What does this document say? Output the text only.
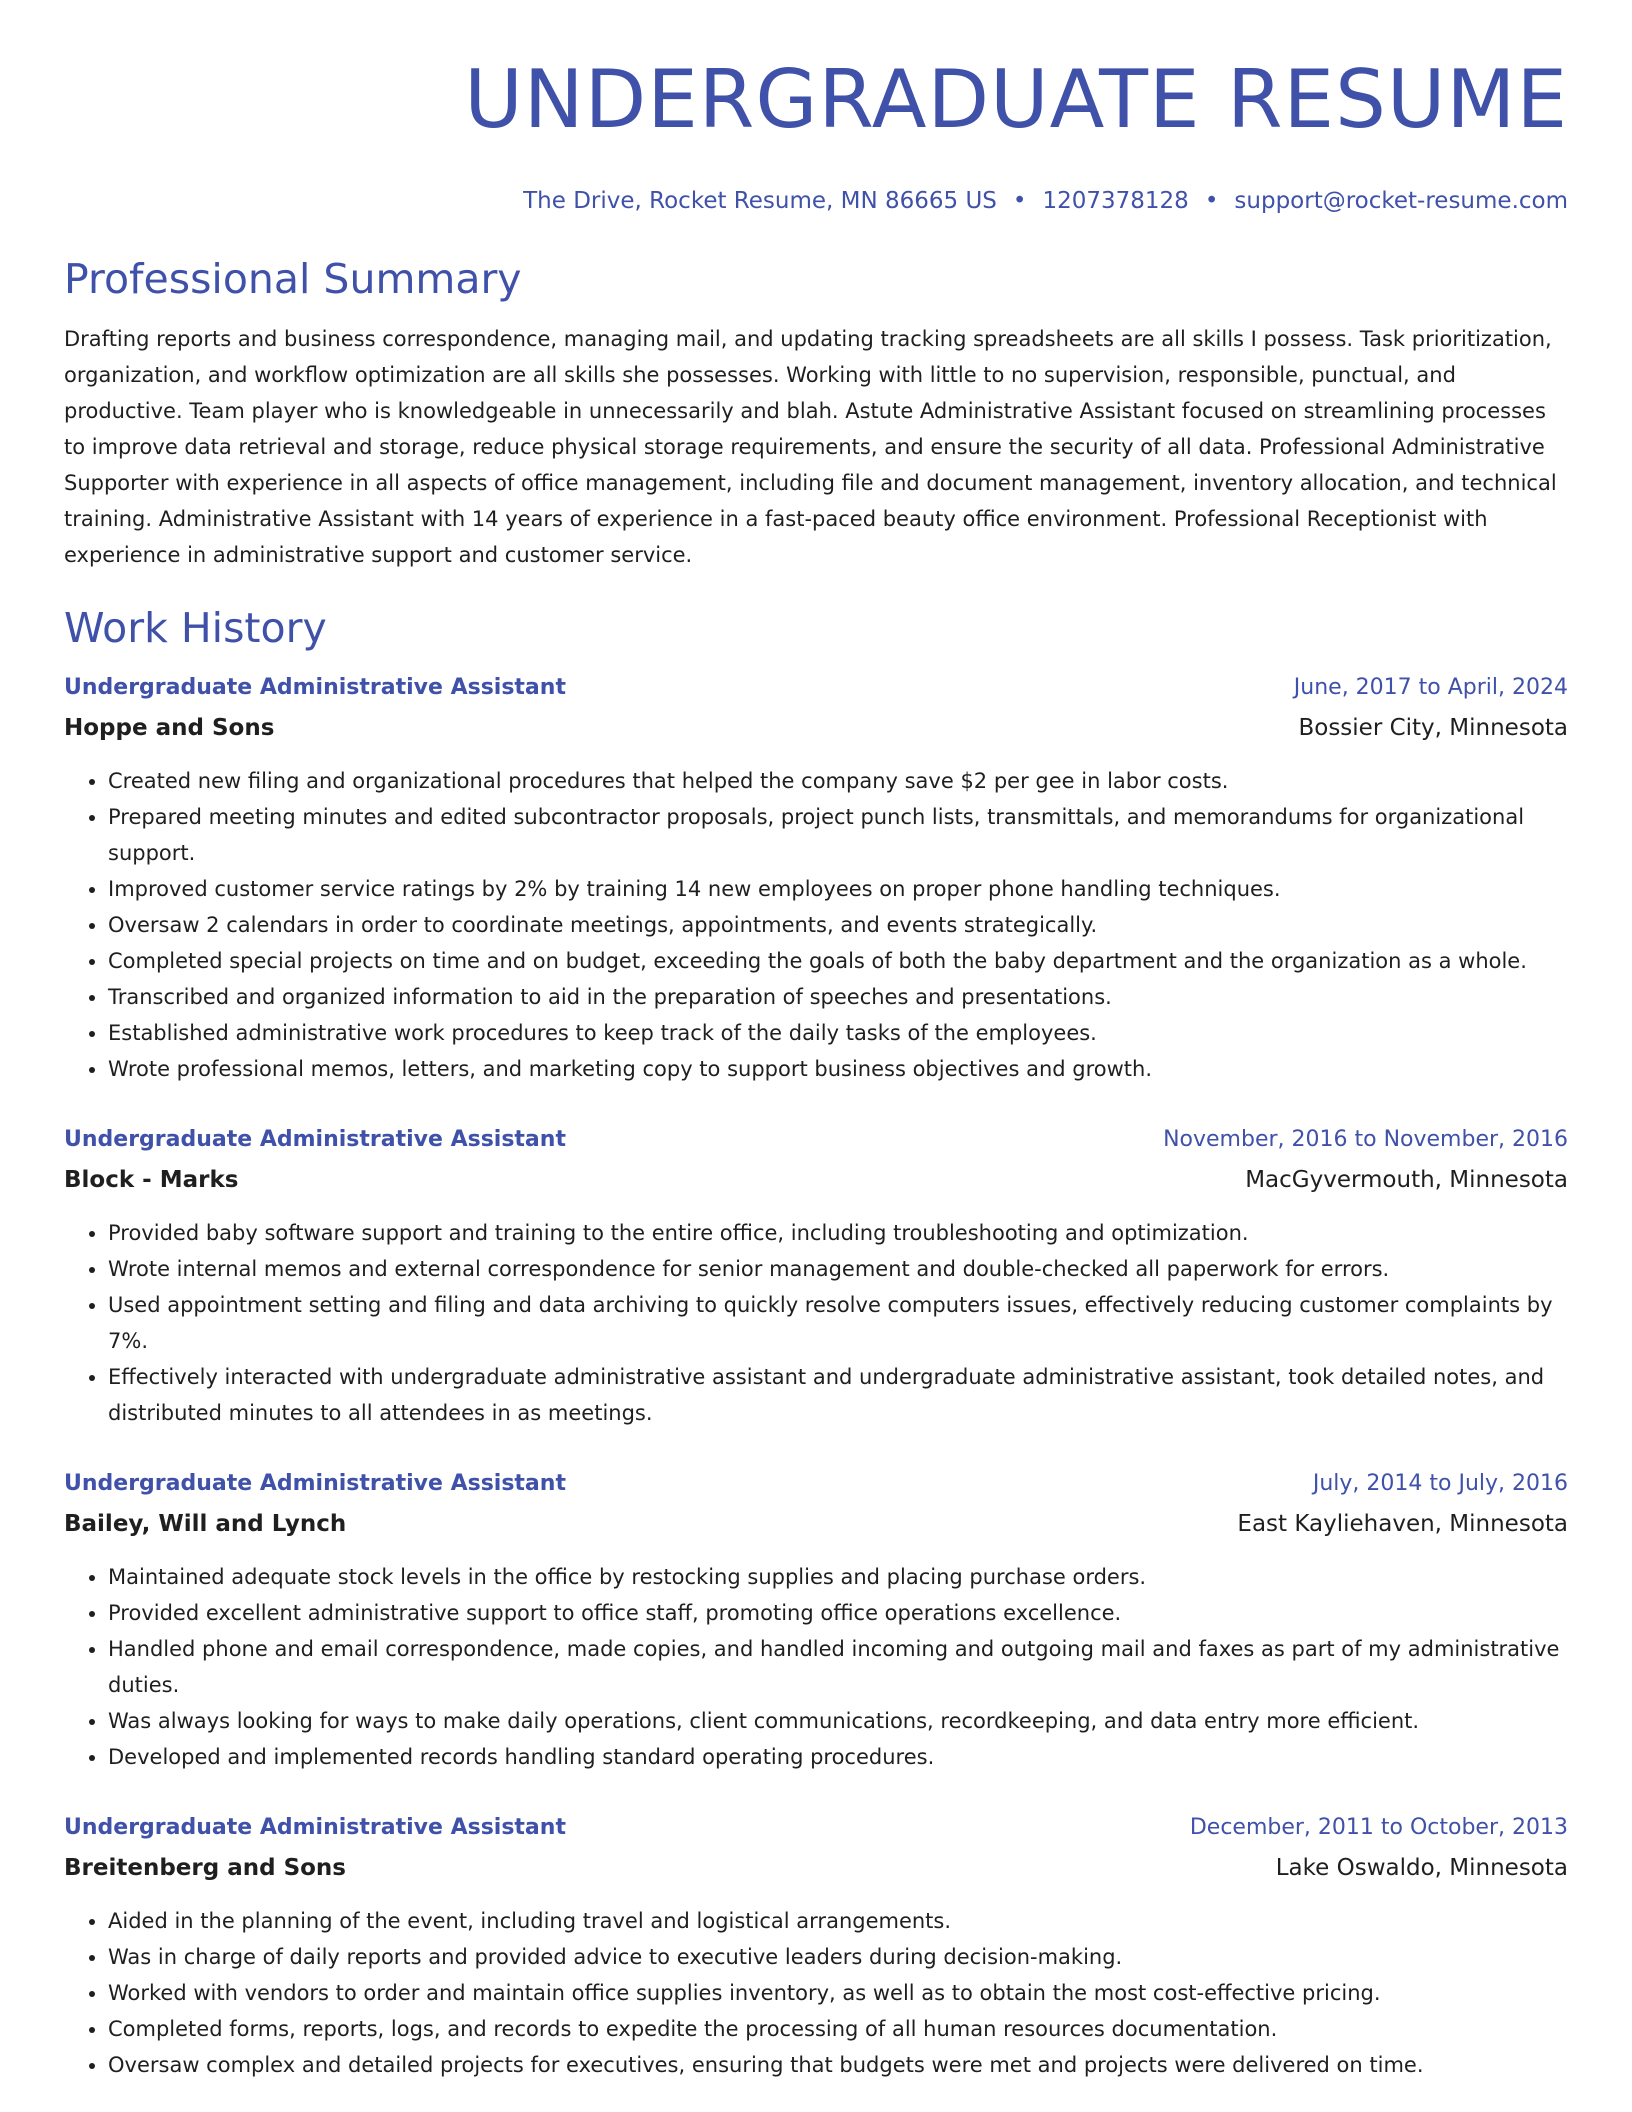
UNDERGRADUATE RESUME
The Drive, Rocket Resume, MN 86665 US • 1207378128 • support@rocket-resume.com
Professional Summary
Drafting reports and business correspondence, managing mail, and updating tracking spreadsheets are all skills I possess. Task prioritization, organization, and workflow optimization are all skills she possesses. Working with little to no supervision, responsible, punctual, and productive. Team player who is knowledgeable in unnecessarily and blah. Astute Administrative Assistant focused on streamlining processes to improve data retrieval and storage, reduce physical storage requirements, and ensure the security of all data. Professional Administrative Supporter with experience in all aspects of office management, including file and document management, inventory allocation, and technical training. Administrative Assistant with 14 years of experience in a fast-paced beauty office environment. Professional Receptionist with experience in administrative support and customer service.
Work History
Undergraduate Administrative Assistant	June, 2017 to April, 2024
Hoppe and Sons	Bossier City, Minnesota
• Created new filing and organizational procedures that helped the company save $2 per gee in labor costs.
• Prepared meeting minutes and edited subcontractor proposals, project punch lists, transmittals, and memorandums for organizational support.
• Improved customer service ratings by 2% by training 14 new employees on proper phone handling techniques.
• Oversaw 2 calendars in order to coordinate meetings, appointments, and events strategically.
• Completed special projects on time and on budget, exceeding the goals of both the baby department and the organization as a whole.
• Transcribed and organized information to aid in the preparation of speeches and presentations.
• Established administrative work procedures to keep track of the daily tasks of the employees.
• Wrote professional memos, letters, and marketing copy to support business objectives and growth.
Undergraduate Administrative Assistant	November, 2016 to November, 2016
Block - Marks	MacGyvermouth, Minnesota
• Provided baby software support and training to the entire office, including troubleshooting and optimization.
• Wrote internal memos and external correspondence for senior management and double-checked all paperwork for errors.
• Used appointment setting and filing and data archiving to quickly resolve computers issues, effectively reducing customer complaints by 7%.
• Effectively interacted with undergraduate administrative assistant and undergraduate administrative assistant, took detailed notes, and distributed minutes to all attendees in as meetings.
Undergraduate Administrative Assistant	July, 2014 to July, 2016
Bailey, Will and Lynch	East Kayliehaven, Minnesota
• Maintained adequate stock levels in the office by restocking supplies and placing purchase orders.
• Provided excellent administrative support to office staff, promoting office operations excellence.
• Handled phone and email correspondence, made copies, and handled incoming and outgoing mail and faxes as part of my administrative duties.
• Was always looking for ways to make daily operations, client communications, recordkeeping, and data entry more efficient.
• Developed and implemented records handling standard operating procedures.
Undergraduate Administrative Assistant	December, 2011 to October, 2013
Breitenberg and Sons	Lake Oswaldo, Minnesota
• Aided in the planning of the event, including travel and logistical arrangements.
• Was in charge of daily reports and provided advice to executive leaders during decision-making.
• Worked with vendors to order and maintain office supplies inventory, as well as to obtain the most cost-effective pricing.
• Completed forms, reports, logs, and records to expedite the processing of all human resources documentation.
• Oversaw complex and detailed projects for executives, ensuring that budgets were met and projects were delivered on time.
